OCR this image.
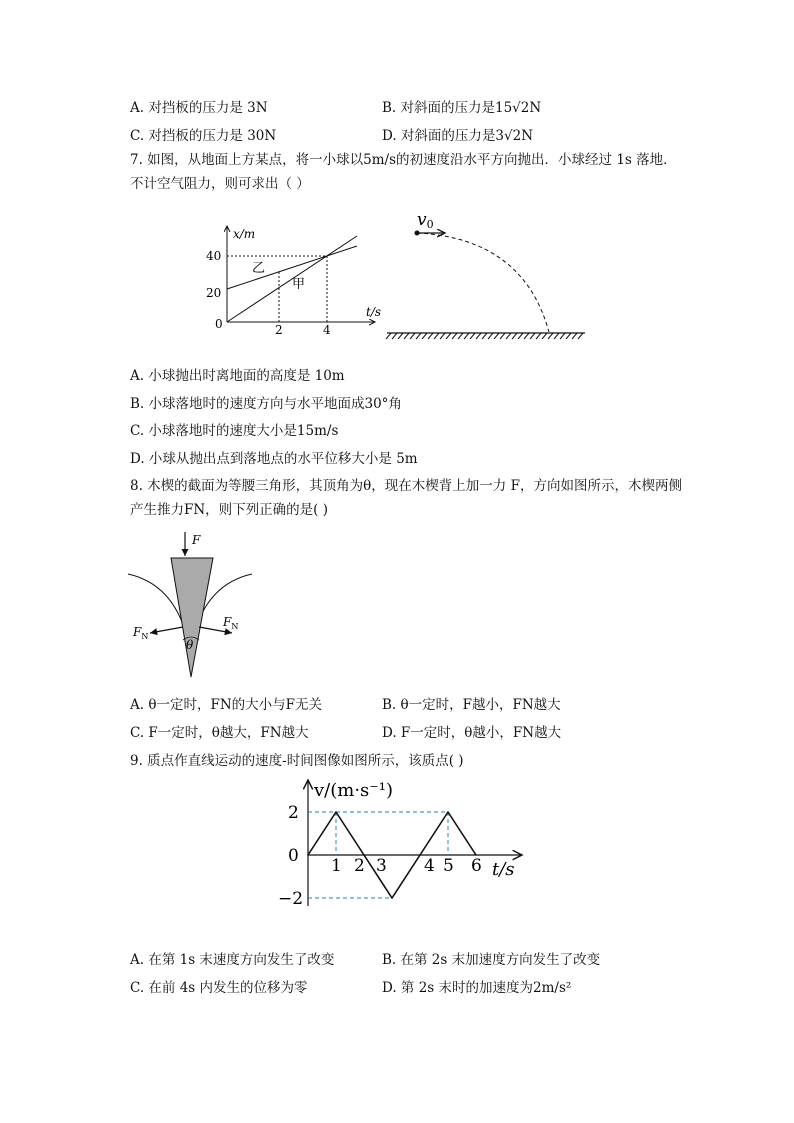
A. 对挡板的压力是 3N	B. 对斜面的压力是15√2N
C. 对挡板的压力是 30N	D. 对斜面的压力是3√2N
7. 如图，从地面上方某点，将一小球以5m/s的初速度沿水平方向抛出．小球经过 1s 落地．不计空气阻力，则可求出（ ）
x/m
t/s
40
20
0	2	4
乙
甲
v0
A. 小球抛出时离地面的高度是 10m
B. 小球落地时的速度方向与水平地面成30°角
C. 小球落地时的速度大小是15m/s
D. 小球从抛出点到落地点的水平位移大小是 5m
8. 木楔的截面为等腰三角形，其顶角为θ，现在木楔背上加一力 F，方向如图所示，木楔两侧产生推力FN，则下列正确的是( )
F
$F_N$
$F_N$
θ
A. θ一定时，FN的大小与F无关	B. θ一定时，F越小，FN越大
C. F一定时，θ越大，FN越大	D. F一定时，θ越小，FN越大
9. 质点作直线运动的速度-时间图像如图所示，该质点( )
1 2 3 4 5 6
2
0
−2
v/(m·s⁻¹)
t/s
A. 在第 1s 末速度方向发生了改变	B. 在第 2s 末加速度方向发生了改变
C. 在前 4s 内发生的位移为零	D. 第 2s 末时的加速度为2m/s²
